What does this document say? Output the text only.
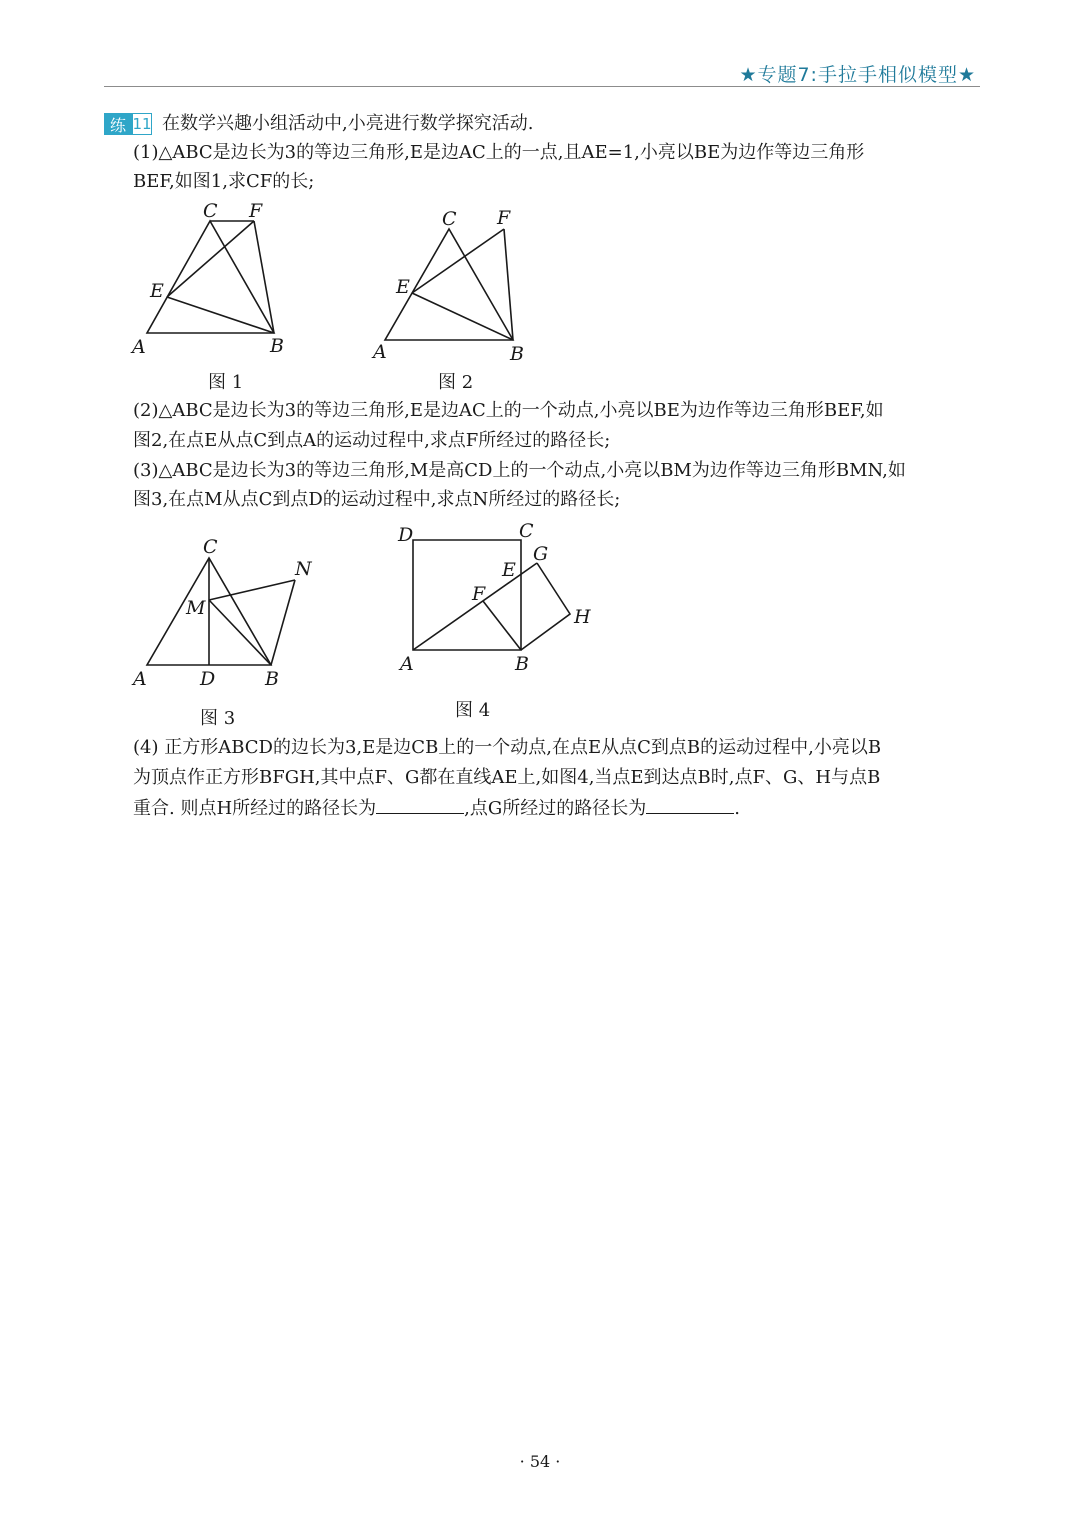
★专题7:手拉手相似模型★
练 11 在数学兴趣小组活动中,小亮进行数学探究活动.
(1)△ABC是边长为3的等边三角形,E是边AC上的一点,且AE=1,小亮以BE为边作等边三角形
BEF,如图1,求CF的长;
A	B
C
E
F
图 1
A	B
C
E
F
图 2
(2)△ABC是边长为3的等边三角形,E是边AC上的一个动点,小亮以BE为边作等边三角形BEF,如
图2,在点E从点C到点A的运动过程中,求点F所经过的路径长;
(3)△ABC是边长为3的等边三角形,M是高CD上的一个动点,小亮以BM为边作等边三角形BMN,如
图3,在点M从点C到点D的运动过程中,求点N所经过的路径长;
A	B
C
D
M
N
图 3
A	B
C
D
E
F
G
H
图 4
(4) 正方形ABCD的边长为3,E是边CB上的一个动点,在点E从点C到点B的运动过程中,小亮以B
为顶点作正方形BFGH,其中点F、G都在直线AE上,如图4,当点E到达点B时,点F、G、H与点B
重合. 则点H所经过的路径长为	,点G所经过的路径长为	.
· 54 ·
